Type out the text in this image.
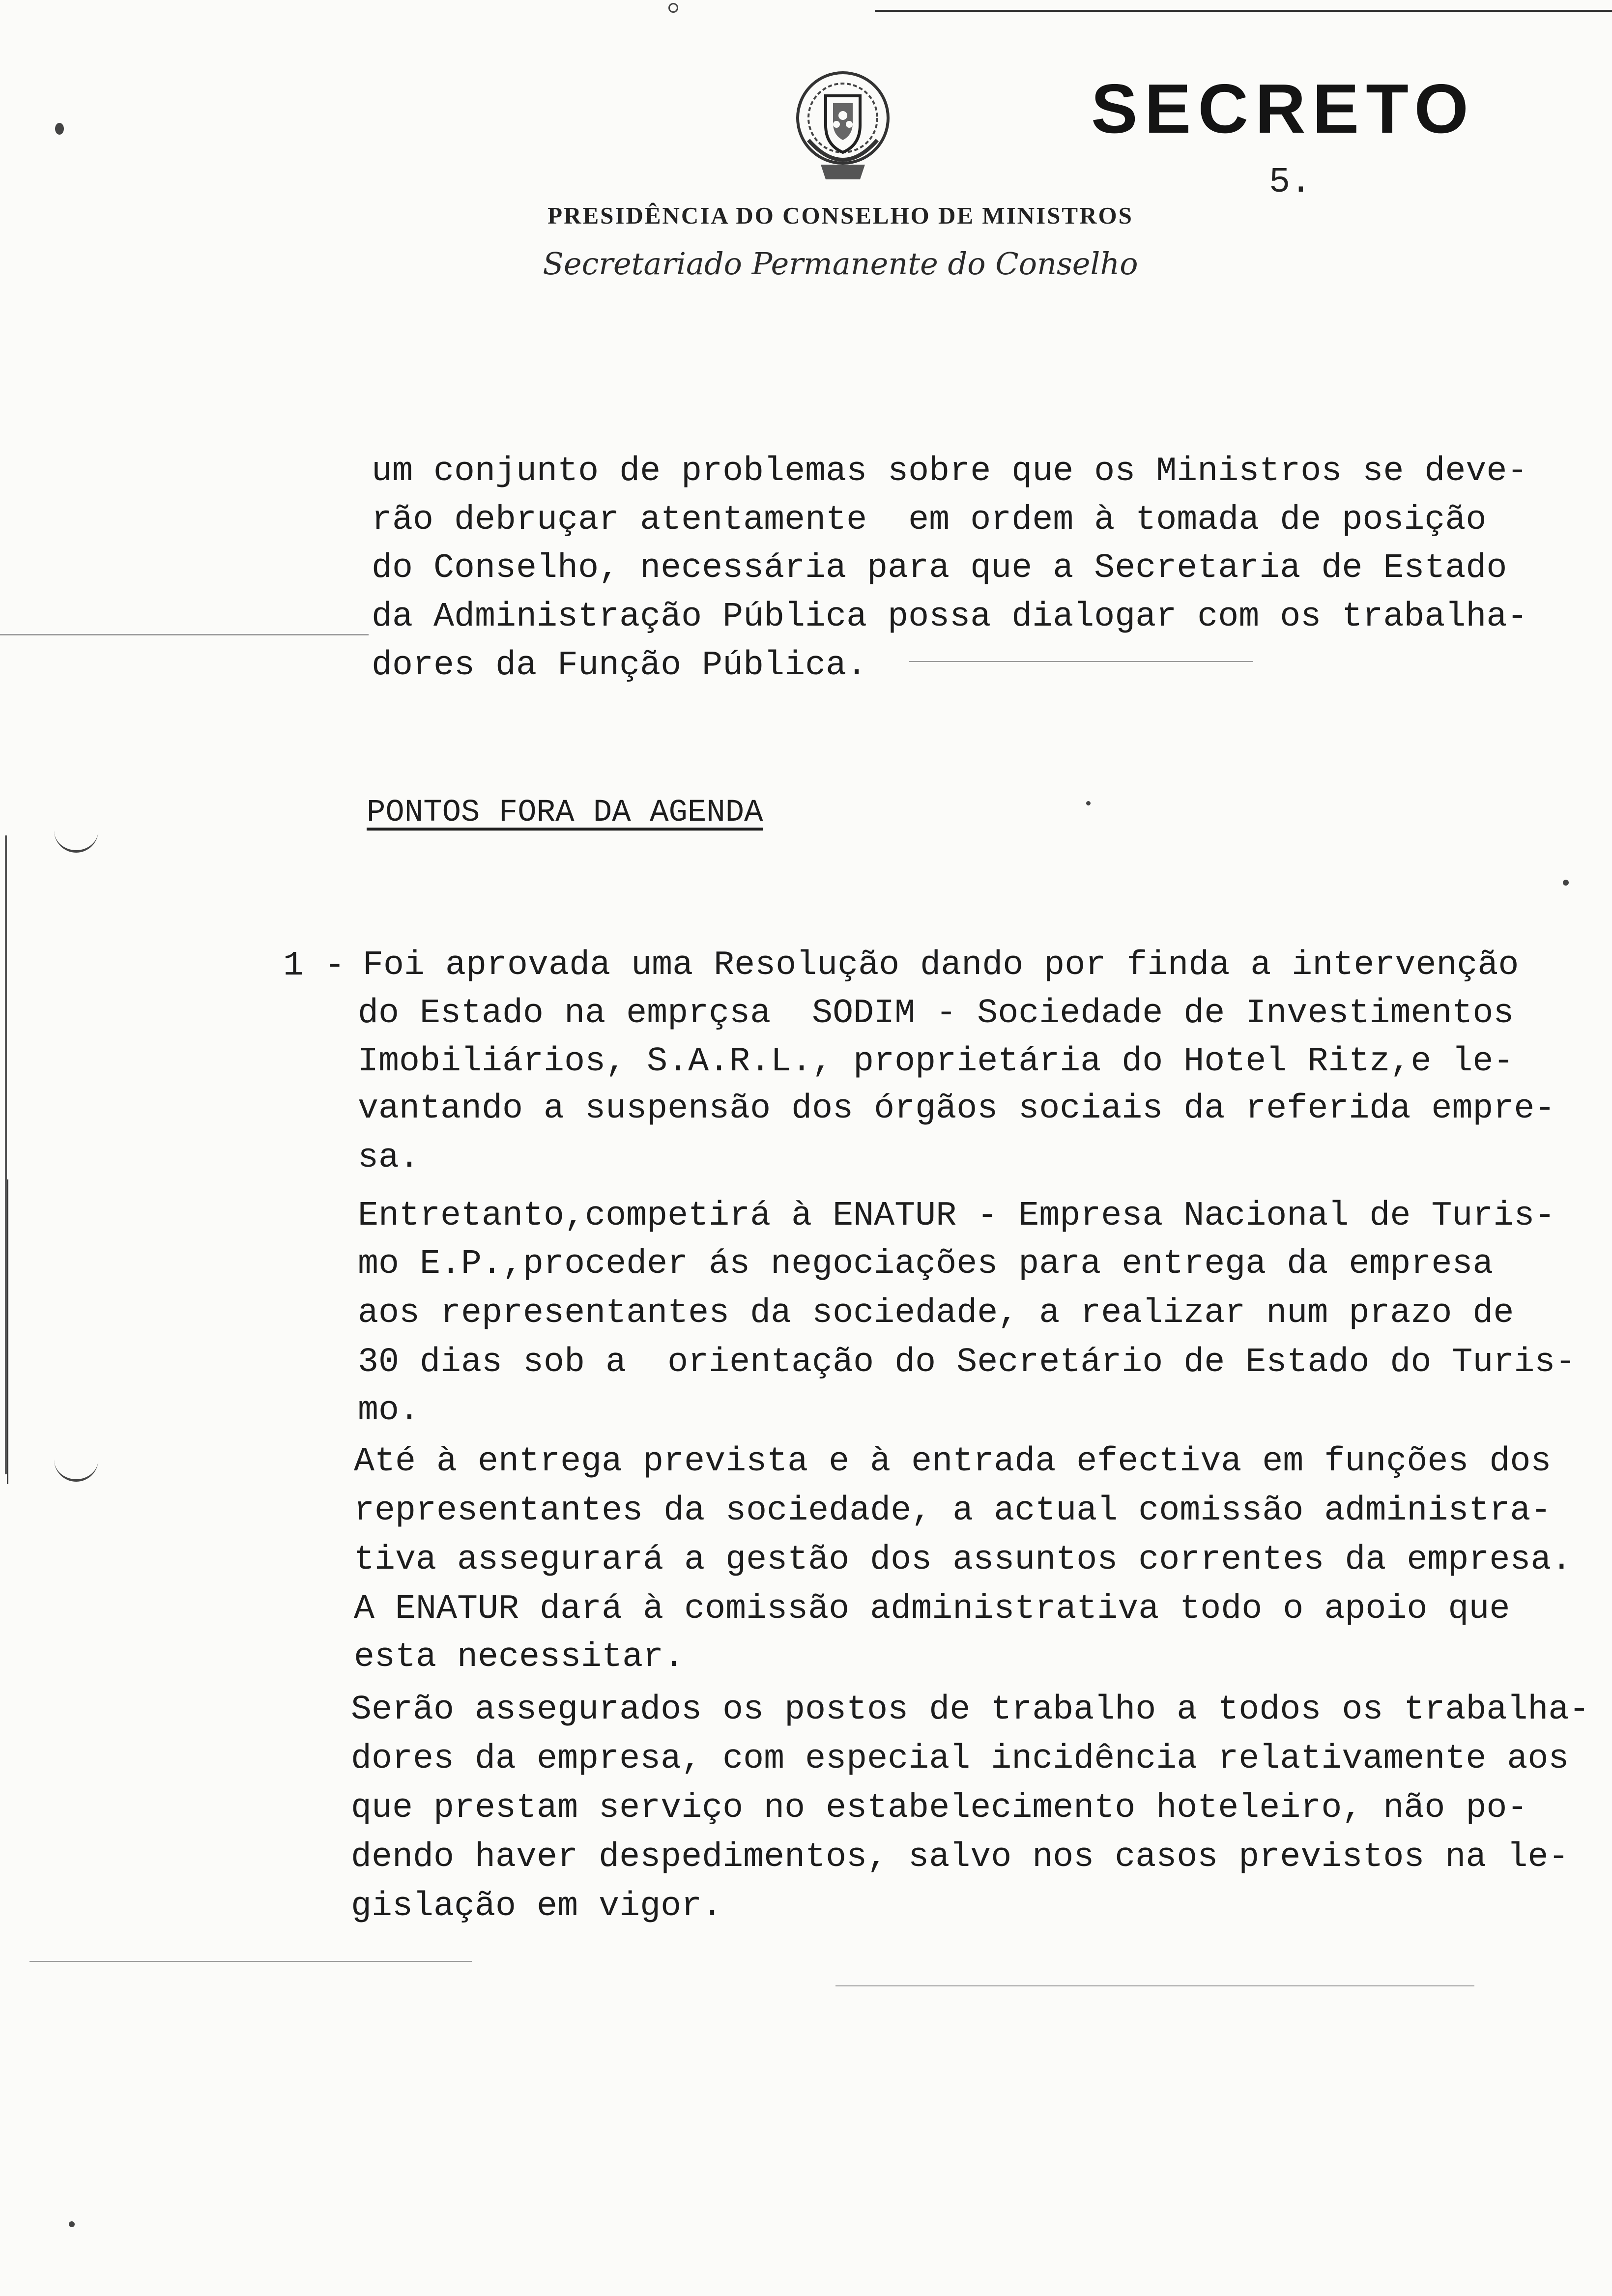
SECRETO
5.
PRESIDÊNCIA DO CONSELHO DE MINISTROS
Secretariado Permanente do Conselho
um conjunto de problemas sobre que os Ministros se deve-
rão debruçar atentamente  em ordem à tomada de posição
do Conselho, necessária para que a Secretaria de Estado
da Administração Pública possa dialogar com os trabalha-
dores da Função Pública.
PONTOS FORA DA AGENDA
1 - Foi aprovada uma Resolução dando por finda a intervenção
do Estado na emprçsa  SODIM - Sociedade de Investimentos
Imobiliários, S.A.R.L., proprietária do Hotel Ritz,e le-
vantando a suspensão dos órgãos sociais da referida empre-
sa.
Entretanto,competirá à ENATUR - Empresa Nacional de Turis-
mo E.P.,proceder ás negociações para entrega da empresa
aos representantes da sociedade, a realizar num prazo de
30 dias sob a  orientação do Secretário de Estado do Turis-
mo.
Até à entrega prevista e à entrada efectiva em funções dos
representantes da sociedade, a actual comissão administra-
tiva assegurará a gestão dos assuntos correntes da empresa.
A ENATUR dará à comissão administrativa todo o apoio que
esta necessitar.
Serão assegurados os postos de trabalho a todos os trabalha-
dores da empresa, com especial incidência relativamente aos
que prestam serviço no estabelecimento hoteleiro, não po-
dendo haver despedimentos, salvo nos casos previstos na le-
gislação em vigor.
